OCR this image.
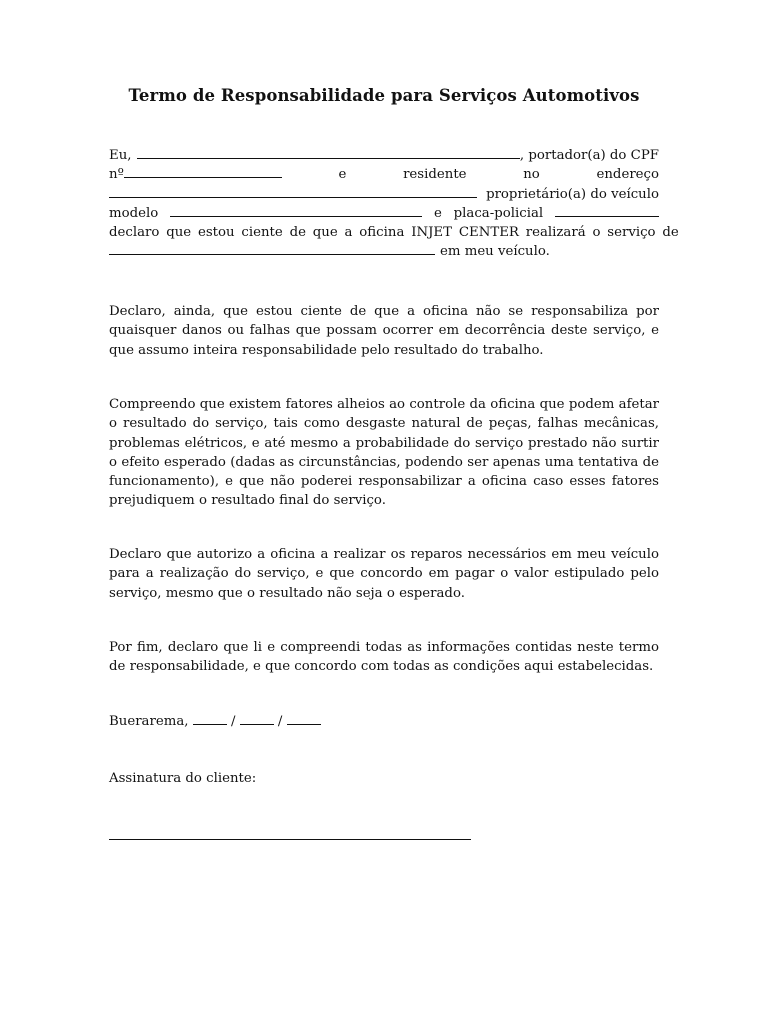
Termo de Responsabilidade para Serviços Automotivos
Eu,	, portador(a) do CPF
nº	e	residente	no	endereço
proprietário(a) do veículo
modelo	e placa-policial
declaro que estou ciente de que a oficina INJET CENTER realizará o serviço de
em meu veículo.

Declaro, ainda, que estou ciente de que a oficina não se responsabiliza por quaisquer danos ou falhas que possam ocorrer em decorrência deste serviço, e que assumo inteira responsabilidade pelo resultado do trabalho.

Compreendo que existem fatores alheios ao controle da oficina que podem afetar o resultado do serviço, tais como desgaste natural de peças, falhas mecânicas, problemas elétricos, e até mesmo a probabilidade do serviço prestado não surtir o efeito esperado (dadas as circunstâncias, podendo ser apenas uma tentativa de funcionamento), e que não poderei responsabilizar a oficina caso esses fatores prejudiquem o resultado final do serviço.

Declaro que autorizo a oficina a realizar os reparos necessários em meu veículo para a realização do serviço, e que concordo em pagar o valor estipulado pelo serviço, mesmo que o resultado não seja o esperado.

Por fim, declaro que li e compreendi todas as informações contidas neste termo de responsabilidade, e que concordo com todas as condições aqui estabelecidas.

Buerarema,	/	/
Assinatura do cliente:
